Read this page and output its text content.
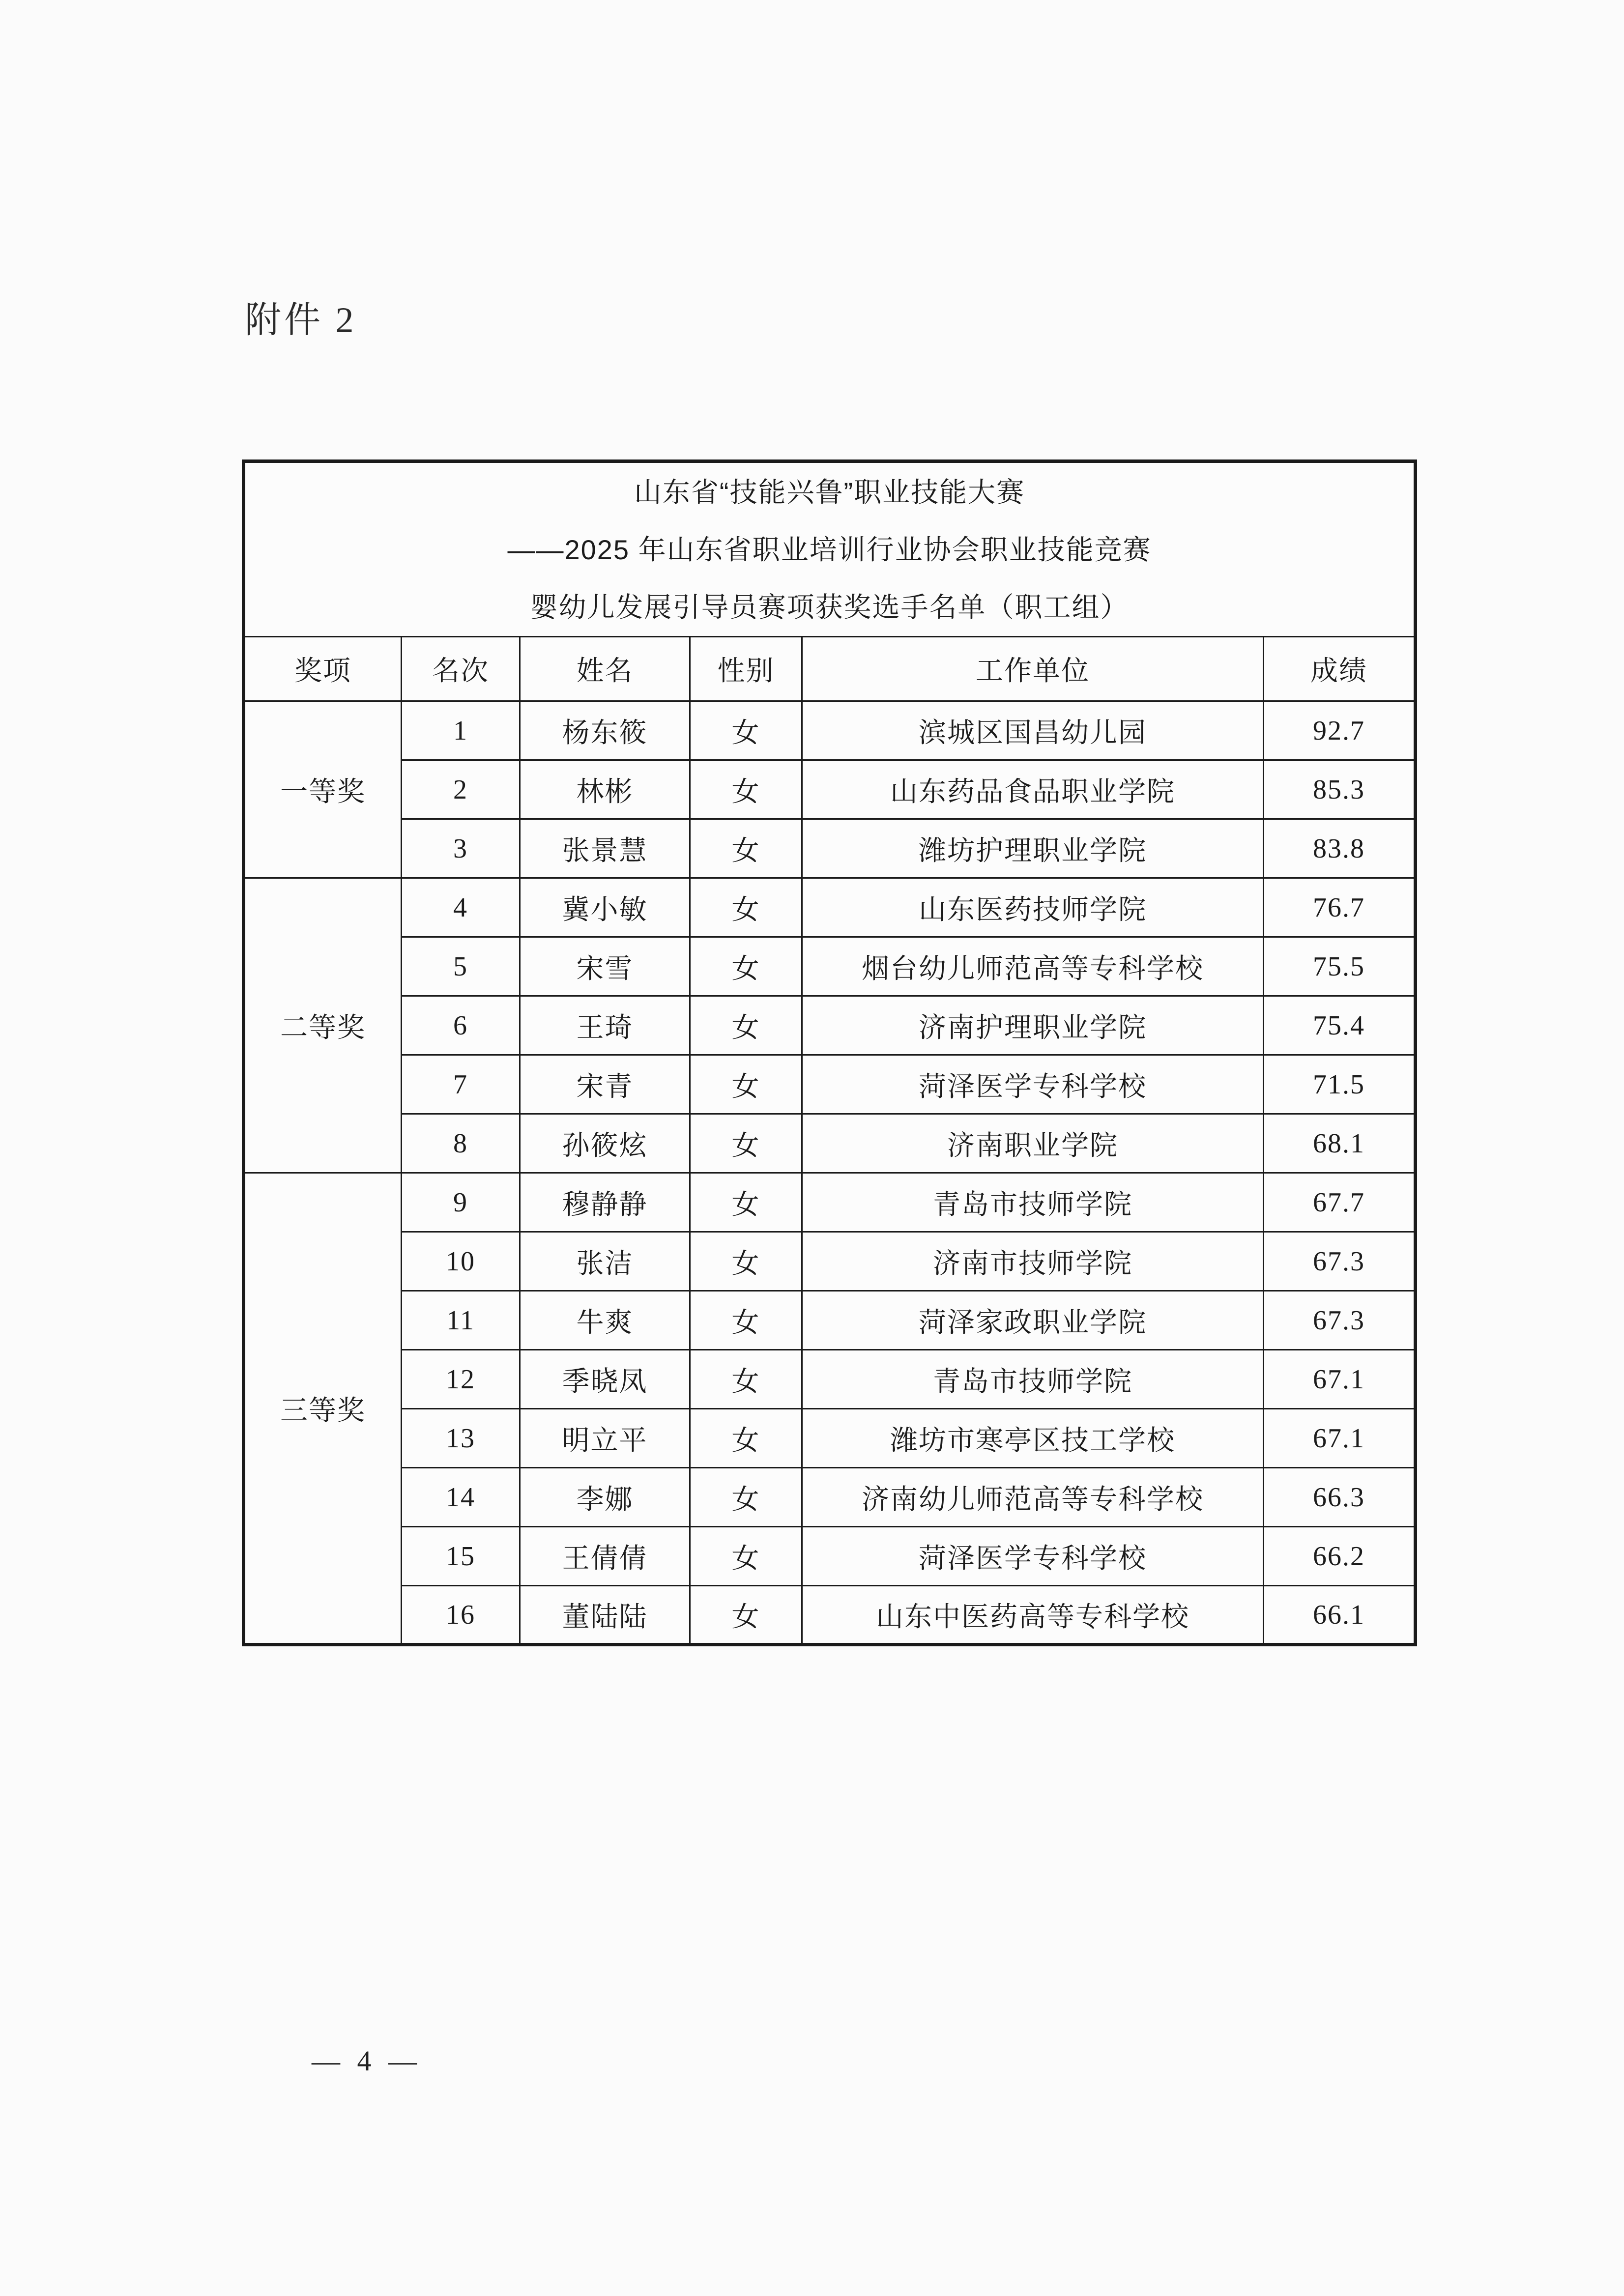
附件 2
山东省“技能兴鲁”职业技能大赛
——2025 年山东省职业培训行业协会职业技能竞赛
婴幼儿发展引导员赛项获奖选手名单（职工组）					

奖项	名次	姓名	性别	工作单位	成绩
一等奖	1	杨东筱	女	滨城区国昌幼儿园	92.7
	2	林彬	女	山东药品食品职业学院	85.3
	3	张景慧	女	潍坊护理职业学院	83.8
二等奖	4	冀小敏	女	山东医药技师学院	76.7
	5	宋雪	女	烟台幼儿师范高等专科学校	75.5
	6	王琦	女	济南护理职业学院	75.4
	7	宋青	女	菏泽医学专科学校	71.5
	8	孙筱炫	女	济南职业学院	68.1
三等奖	9	穆静静	女	青岛市技师学院	67.7
	10	张洁	女	济南市技师学院	67.3
	11	牛爽	女	菏泽家政职业学院	67.3
	12	季晓凤	女	青岛市技师学院	67.1
	13	明立平	女	潍坊市寒亭区技工学校	67.1
	14	李娜	女	济南幼儿师范高等专科学校	66.3
	15	王倩倩	女	菏泽医学专科学校	66.2
	16	董陆陆	女	山东中医药高等专科学校	66.1
— 4 —
